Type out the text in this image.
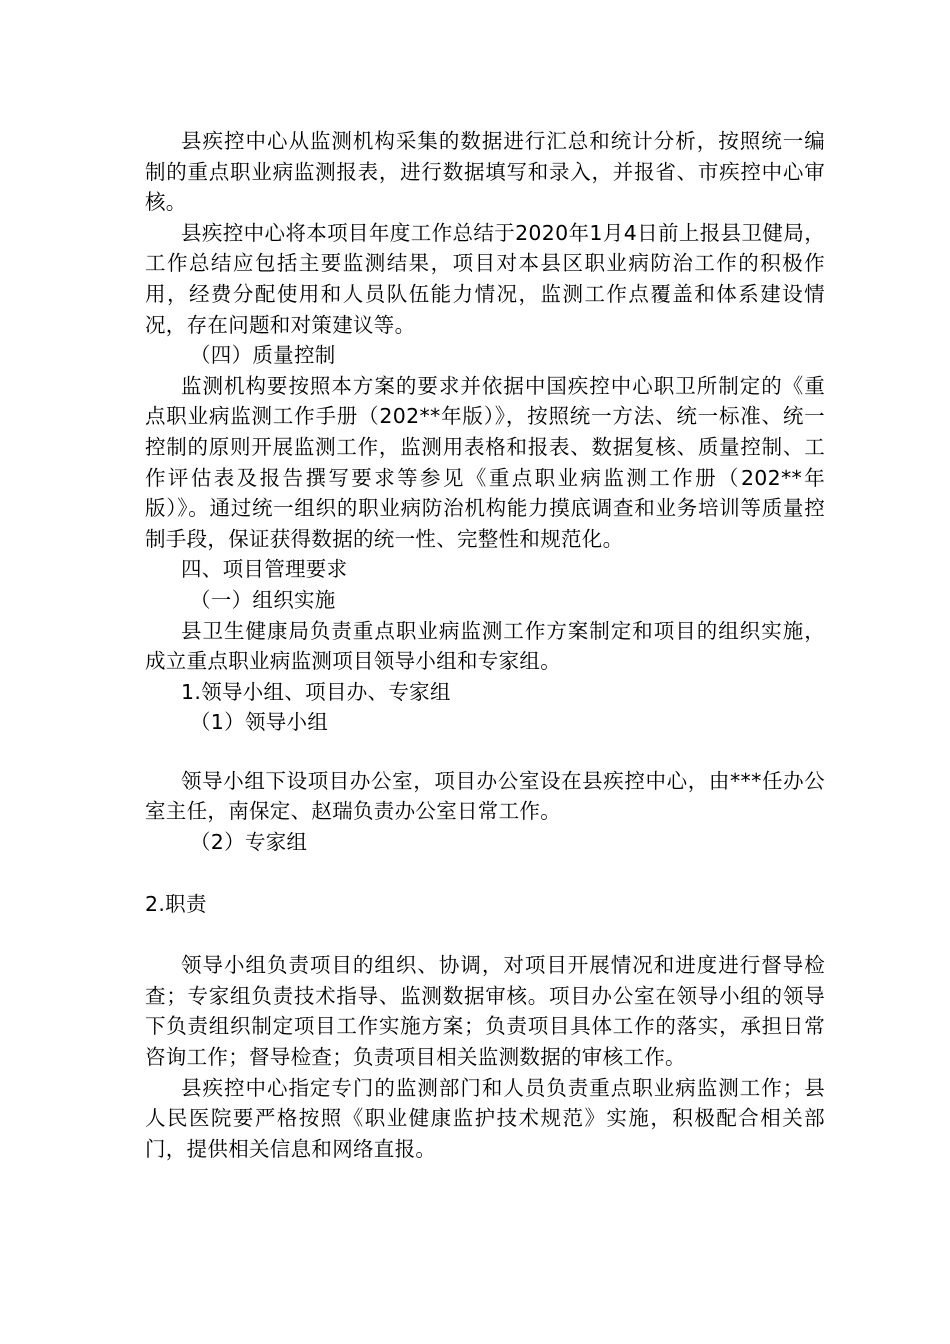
县疾控中心从监测机构采集的数据进行汇总和统计分析，按照统一编制的重点职业病监测报表，进行数据填写和录入，并报省、市疾控中心审核。

县疾控中心将本项目年度工作总结于2020年1月4日前上报县卫健局，工作总结应包括主要监测结果，项目对本县区职业病防治工作的积极作用，经费分配使用和人员队伍能力情况，监测工作点覆盖和体系建设情况，存在问题和对策建议等。

（四）质量控制

监测机构要按照本方案的要求并依据中国疾控中心职卫所制定的《重点职业病监测工作手册（202**年版）》，按照统一方法、统一标准、统一控制的原则开展监测工作，监测用表格和报表、数据复核、质量控制、工作评估表及报告撰写要求等参见《重点职业病监测工作册（202**年版）》。通过统一组织的职业病防治机构能力摸底调查和业务培训等质量控制手段，保证获得数据的统一性、完整性和规范化。

四、项目管理要求

（一）组织实施

县卫生健康局负责重点职业病监测工作方案制定和项目的组织实施，成立重点职业病监测项目领导小组和专家组。

1.领导小组、项目办、专家组

（1）领导小组

领导小组下设项目办公室，项目办公室设在县疾控中心，由***任办公室主任，南保定、赵瑞负责办公室日常工作。

（2）专家组

2.职责

领导小组负责项目的组织、协调，对项目开展情况和进度进行督导检查；专家组负责技术指导、监测数据审核。项目办公室在领导小组的领导下负责组织制定项目工作实施方案；负责项目具体工作的落实，承担日常咨询工作；督导检查；负责项目相关监测数据的审核工作。

县疾控中心指定专门的监测部门和人员负责重点职业病监测工作；县人民医院要严格按照《职业健康监护技术规范》实施，积极配合相关部门，提供相关信息和网络直报。
